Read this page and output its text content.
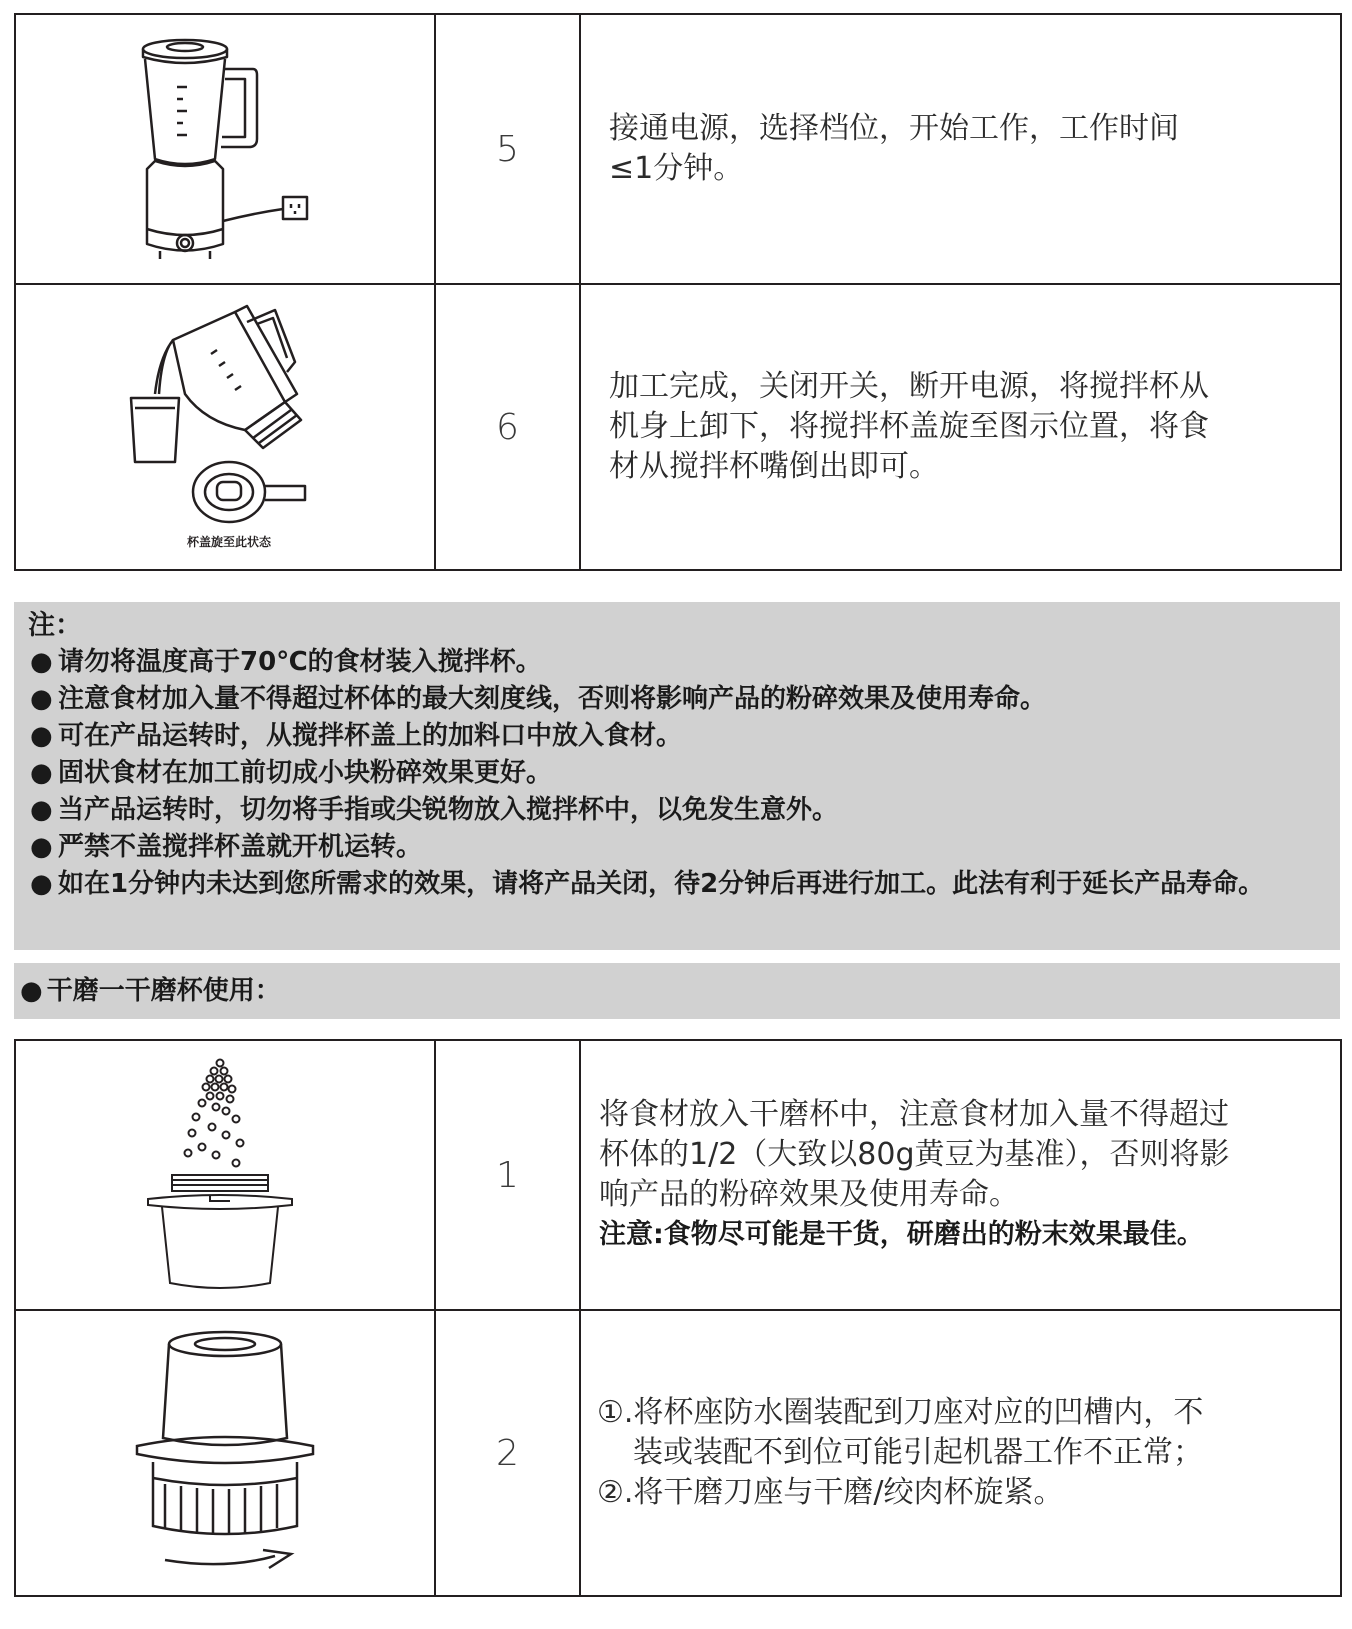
	5	接通电源，选择档位，开始工作，工作时间
≤1分钟。

杯盖旋至此状态	6	加工完成，关闭开关，断开电源，将搅拌杯从
机身上卸下，将搅拌杯盖旋至图示位置，将食
材从搅拌杯嘴倒出即可。
注：
● 请勿将温度高于70℃的食材装入搅拌杯。
● 注意食材加入量不得超过杯体的最大刻度线，否则将影响产品的粉碎效果及使用寿命。
● 可在产品运转时，从搅拌杯盖上的加料口中放入食材。
● 固状食材在加工前切成小块粉碎效果更好。
● 当产品运转时，切勿将手指或尖锐物放入搅拌杯中，以免发生意外。
● 严禁不盖搅拌杯盖就开机运转。
● 如在1分钟内未达到您所需求的效果，请将产品关闭，待2分钟后再进行加工。此法有利于延长产品寿命。
● 干磨一干磨杯使用：
	1	将食材放入干磨杯中，注意食材加入量不得超过
杯体的1/2（大致以80g黄豆为基准），否则将影
响产品的粉碎效果及使用寿命。
注意:食物尽可能是干货，研磨出的粉末效果最佳。

	2	①.将杯座防水圈装配到刀座对应的凹槽内，不
装或装配不到位可能引起机器工作不正常；
②.将干磨刀座与干磨/绞肉杯旋紧。
